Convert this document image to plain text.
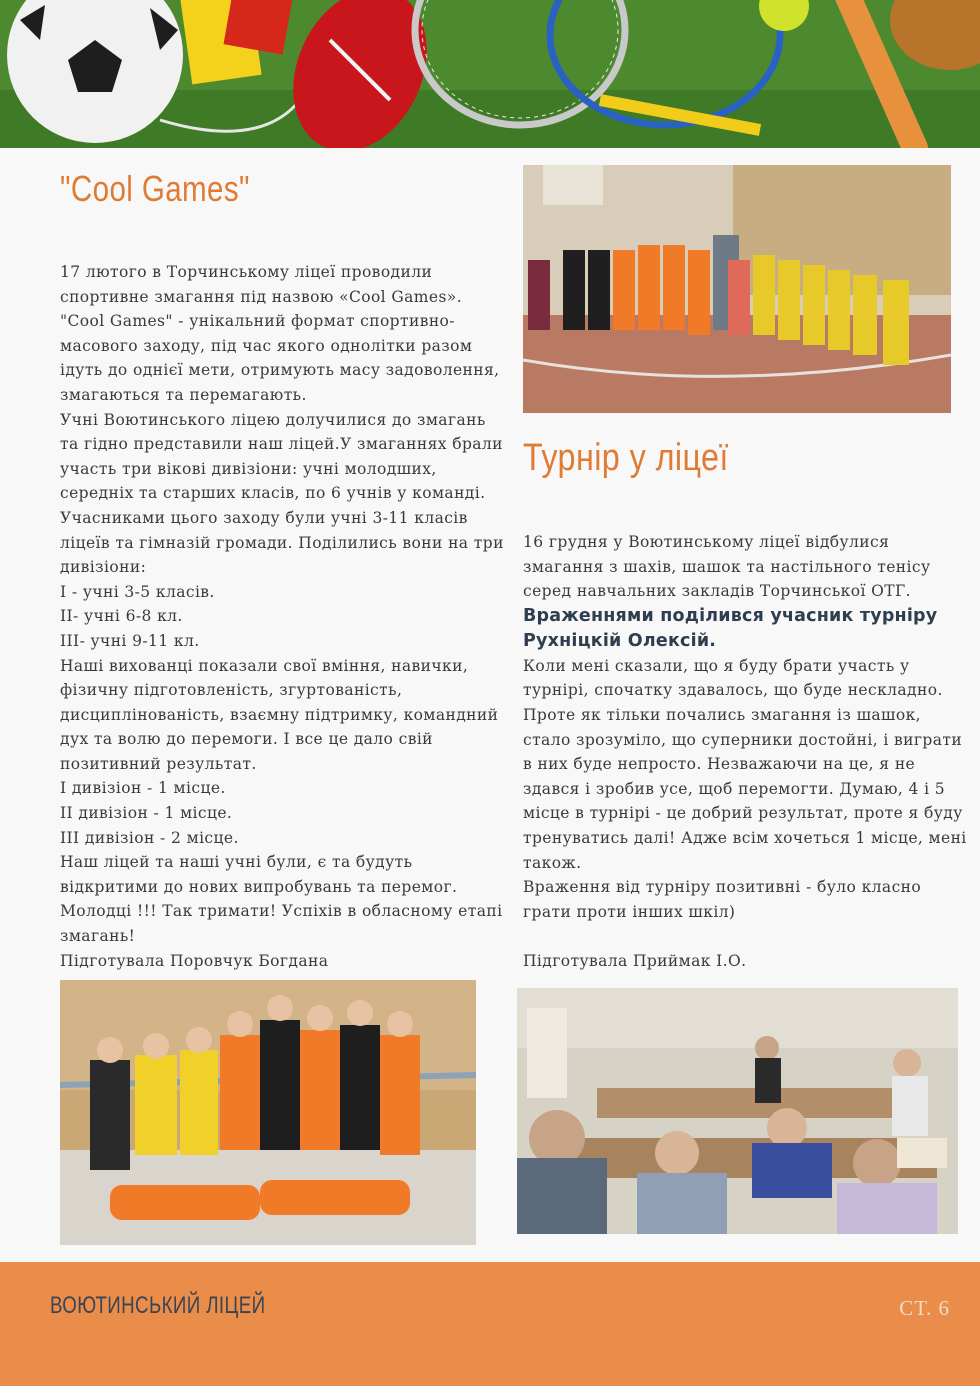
"Cool Games"

17 лютого в Торчинському ліцеї проводили спортивне змагання під назвою «Cool Games». "Cool Games" - унікальний формат спортивно-масового заходу, під час якого однолітки разом ідуть до однієї мети, отримують масу задоволення, змагаються та перемагають.

Учні Воютинського ліцею долучилися до змагань та гідно представили наш ліцей.У змаганнях брали участь три вікові дивізіони: учні молодших, середніх та старших класів, по 6 учнів у команді. Учасниками цього заходу були учні 3-11 класів ліцеїв та гімназій громади. Поділились вони на три дивізіони:

І - учні 3-5 класів.

ІІ- учні 6-8 кл.

ІІІ- учні 9-11 кл.

Наші вихованці показали свої вміння, навички, фізичну підготовленість, згуртованість, дисциплінованість, взаємну підтримку, командний дух та волю до перемоги. І все це дало свій позитивний результат.

І дивізіон - 1 місце.

ІІ дивізіон - 1 місце.

ІІІ дивізіон - 2 місце.

Наш ліцей та наші учні були, є та будуть відкритими до нових випробувань та перемог. Молодці !!! Так тримати! Успіхів в обласному етапі змагань!

Підготувала Поровчук Богдана

Турнір у ліцеї

16 грудня у Воютинському ліцеї відбулися змагання з шахів, шашок та настільного тенісу серед навчальних закладів Торчинської ОТГ.

Враженнями поділився учасник турніру Рухніцкій Олексій.

Коли мені сказали, що я буду брати участь у турнірі, спочатку здавалось, що буде нескладно. Проте як тільки почались змагання із шашок, стало зрозуміло, що суперники достойні, і виграти в них буде непросто. Незважаючи на це, я не здався і зробив усе, щоб перемогти. Думаю, 4 і 5 місце в турнірі - це добрий результат, проте я буду тренуватись далі! Адже всім хочеться 1 місце, мені також.

Враження від турніру позитивні - було класно грати проти інших шкіл)

Підготувала Приймак І.О.

ВОЮТИНСЬКИЙ ЛІЦЕЙ	СТ. 6
